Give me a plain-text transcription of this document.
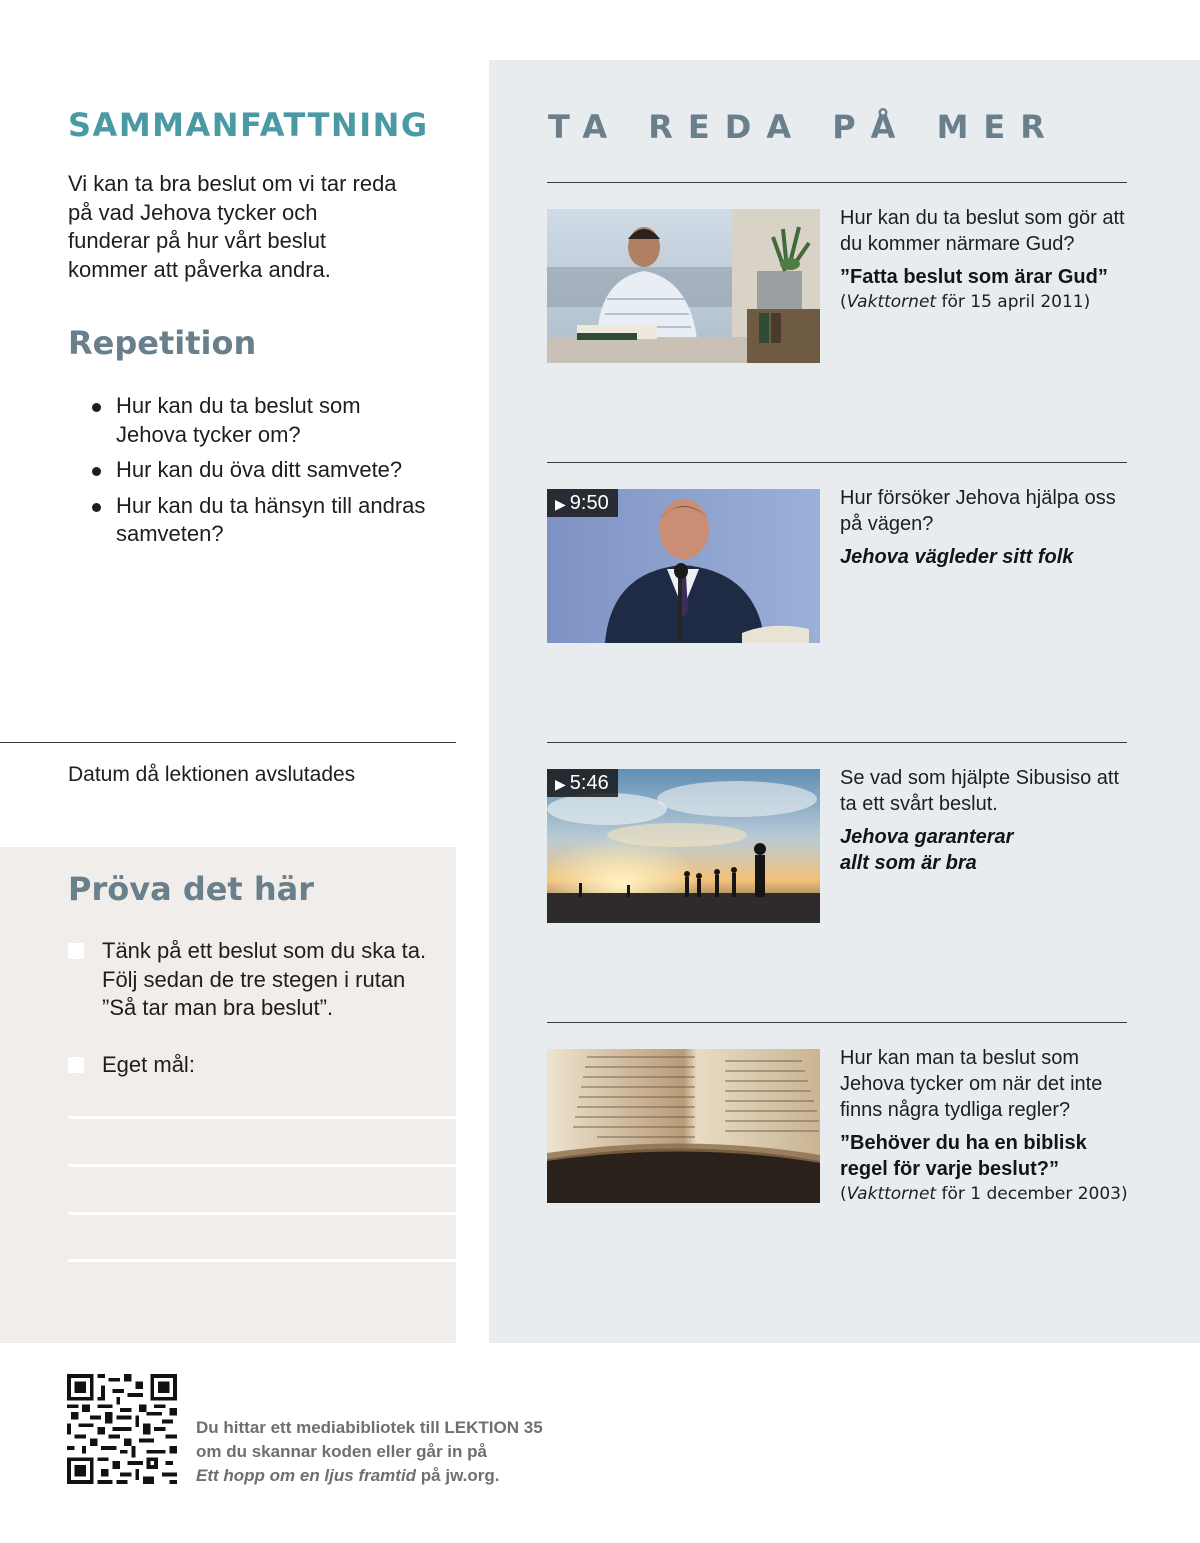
SAMMANFATTNING

Vi kan ta bra beslut om vi tar reda på vad Jehova tycker och funderar på hur vårt beslut kommer att påverka andra.

Repetition
Hur kan du ta beslut som Jehova tycker om?
Hur kan du öva ditt samvete?
Hur kan du ta hänsyn till andras samveten?
Datum då lektionen avslutades
Pröva det här
Tänk på ett beslut som du ska ta. Följ sedan de tre stegen i rutan ”Så tar man bra beslut”.
Eget mål:
TA REDA PÅ MER
Hur kan du ta beslut som gör att du kommer närmare Gud?
”Fatta beslut som ärar Gud”
(Vakttornet för 15 april 2011)
▶ 9:50	Hur försöker Jehova hjälpa oss på vägen?
Jehova vägleder sitt folk
▶ 5:46	Se vad som hjälpte Sibusiso att ta ett svårt beslut.
Jehova garanterar allt som är bra
Hur kan man ta beslut som Jehova tycker om när det inte finns några tydliga regler?
”Behöver du ha en biblisk regel för varje beslut?”
(Vakttornet för 1 december 2003)
Du hittar ett mediabibliotek till LEKTION 35
om du skannar koden eller går in på
Ett hopp om en ljus framtid på jw.org.
